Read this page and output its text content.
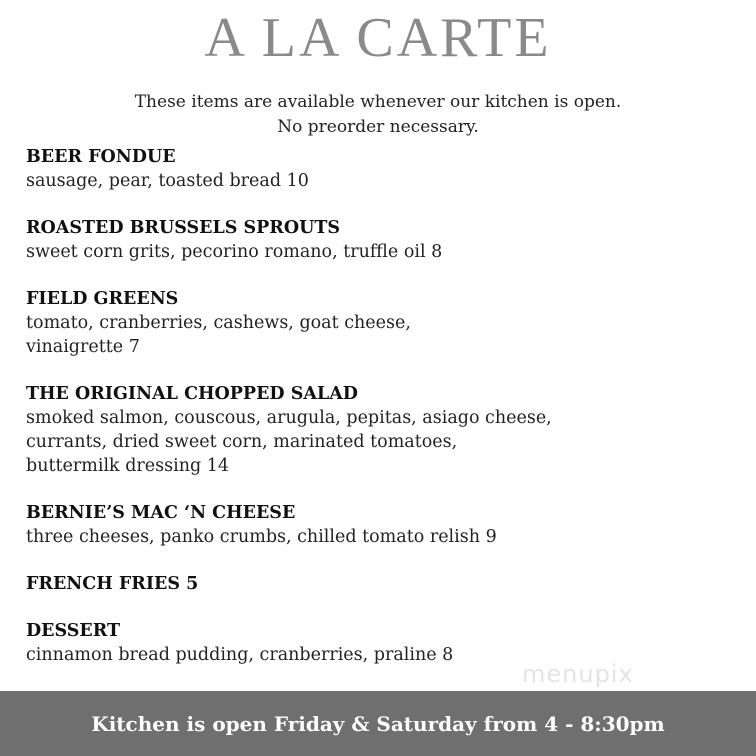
A LA CARTE
These items are available whenever our kitchen is open.
No preorder necessary.
BEER FONDUE
sausage, pear, toasted bread 10
ROASTED BRUSSELS SPROUTS
sweet corn grits, pecorino romano, truffle oil 8
FIELD GREENS
tomato, cranberries, cashews, goat cheese,
vinaigrette 7
THE ORIGINAL CHOPPED SALAD
smoked salmon, couscous, arugula, pepitas, asiago cheese,
currants, dried sweet corn, marinated tomatoes,
buttermilk dressing 14
BERNIE’S MAC ‘N CHEESE
three cheeses, panko crumbs, chilled tomato relish 9
FRENCH FRIES 5
DESSERT
cinnamon bread pudding, cranberries, praline 8
menupix
Kitchen is open Friday & Saturday from 4 - 8:30pm
